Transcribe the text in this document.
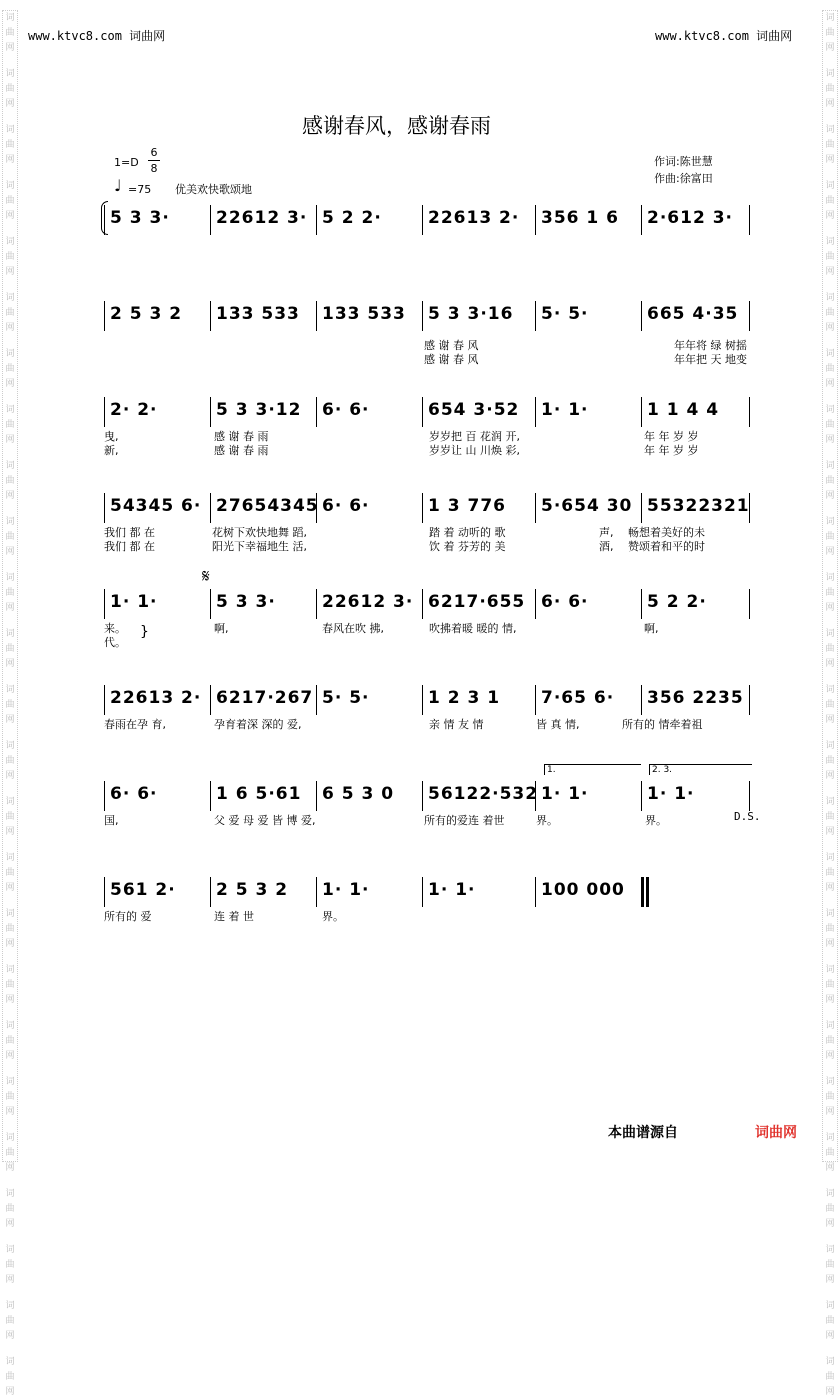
www.ktvc8.com 词曲网	www.ktvc8.com 词曲网
词
曲
网
词
曲
网
词
曲
网
词
曲
网
词
曲
网
词
曲
网
词
曲
网
词
曲
网
词
曲
网
词
曲
网
词
曲
网
词
曲
网
词
曲
网
词
曲
网
词
曲
网
词
曲
网
词
曲
网
词
曲
网
词
曲
网
词
曲
网
词
曲
网
词
曲
网
词
曲
网
词
曲
网
词
曲
网
词
曲
网
词
曲
网
词
曲
网
词
曲
网
词
曲
网
词
曲
网
词
曲
网
词
曲
网
词
曲
网
词
曲
网
词
曲
网
词
曲
网
词
曲
网
词
曲
网
词
曲
网
词
曲
网
词
曲
网
词
曲
网
词
曲
网
词
曲
网
词
曲
网
词
曲
网
词
曲
网
词
曲
网
词
曲
网
感谢春风，感谢春雨
1=D
6
8
♩ =75 优美欢快歌颂地
作词:陈世慧
作曲:徐富田
5 3 3·	22612 3· 5 2 2·	22613 2· 356 1 6 2·612 3·
2 5 3 2 133 533 133 533 5 3 3·16 5· 5·	665 4·35
感 谢 春 风	年年将 绿 树摇
感 谢 春 风	年年把 天 地变
2· 2·	5 3 3·12 6· 6·	654 3·52 1· 1·	1 1 4 4
曳,	感 谢 春 雨	岁岁把 百 花润 开,	年 年 岁 岁
新,	感 谢 春 雨	岁岁让 山 川焕 彩,	年 年 岁 岁
54345 6· 27654345 6· 6·	1 3 776 5·654 30 55322321
我们 都 在	花树下欢快地舞 蹈,	踏 着 动听的 歌	声, 畅想着美好的未
我们 都 在	阳光下幸福地生 活,	饮 着 芬芳的 美	酒, 赞颂着和平的时
1· 1·	5 3 3·	22612 3· 6217·655 6· 6·	5 2 2·
来。
代。
啊,	春风在吹 拂,	吹拂着暖 暖的 情,	啊,
22613 2· 6217·267 5· 5·	1 2 3 1 7·65 6· 356 2235
春雨在孕 育,	孕育着深 深的 爱,	亲 情 友 情	皆 真 情,	所有的 情牵着祖
6· 6·	1 6 5·61 6 5 3 0 56122·532 1· 1·	1· 1·
国,	父 爱 母 爱 皆 博 爱,	所有的爱连 着世	界。	界。
1.	2. 3.
D.S.
561 2· 2 5 3 2 1· 1·	1· 1·	100 000
所有的 爱	连 着 世	界。
𝄋
}
本曲谱源自	词曲网
